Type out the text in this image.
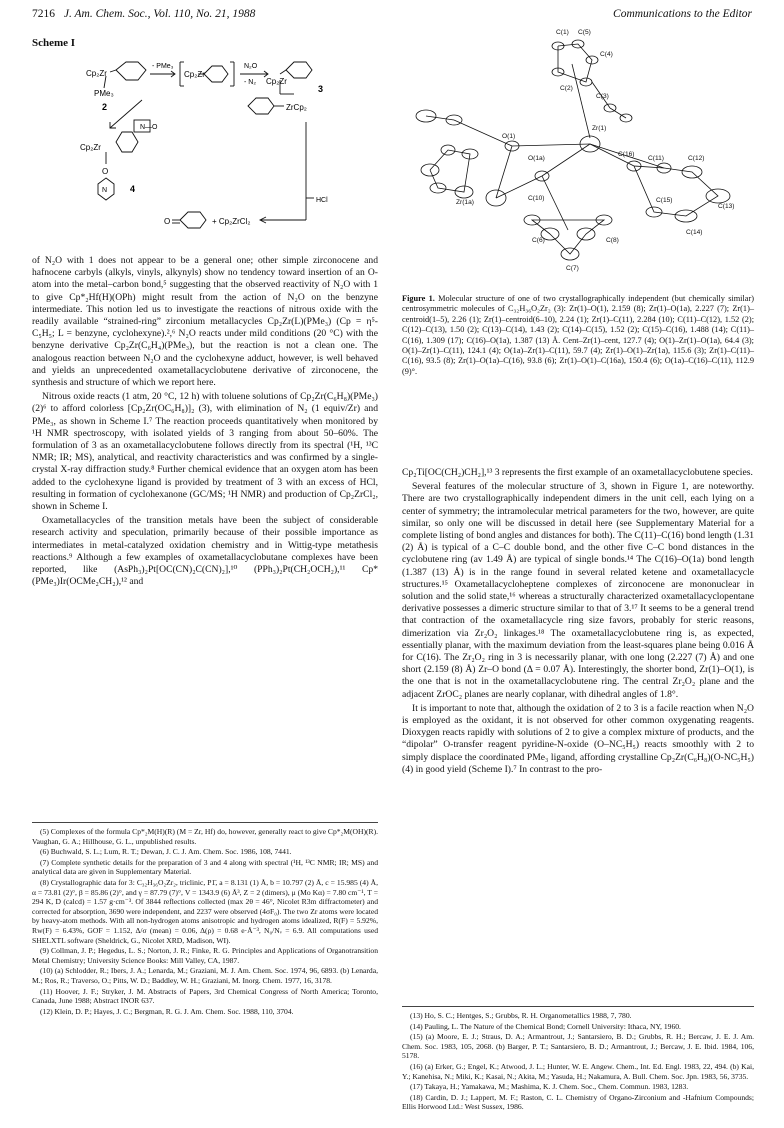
7216 J. Am. Chem. Soc., Vol. 110, No. 21, 1988	Communications to the Editor
Scheme I
Cp₂Zr
PMe₃
2
- PMe₃
Cp₂Zr
N₂O
- N₂ Cp₂Zr
ZrCp₂
3
N—O
Cp₂Zr
O
N	4
O	+ Cp₂ZrCl₂
HCl

of N₂O with 1 does not appear to be a general one; other simple zirconocene and hafnocene carbyls (alkyls, vinyls, alkynyls) show no tendency toward insertion of an O-atom into the metal–carbon bond,⁵ suggesting that the observed reactivity of N₂O with 1 to give Cp*₂Hf(H)(OPh) might result from the action of N₂O on the benzyne intermediate. This notion led us to investigate the reactions of nitrous oxide with the readily available “strained-ring” zirconium metallacycles Cp₂Zr(L)(PMe₃) (Cp = η⁵-C₅H₅; L = benzyne, cyclohexyne).²,⁶ N₂O reacts under mild conditions (20 °C) with the benzyne derivative Cp₂Zr(C₆H₄)(PMe₃), but the reaction is not a clean one. The analogous reaction between N₂O and the cyclohexyne adduct, however, is well behaved and yields an unprecedented oxametallacyclobutene derivative of zirconocene, the synthesis and structure of which we report here.

Nitrous oxide reacts (1 atm, 20 °C, 12 h) with toluene solutions of Cp₂Zr(C₆H₈)(PMe₃) (2)⁶ to afford colorless [Cp₂Zr(OC₆H₈)]₂ (3), with elimination of N₂ (1 equiv/Zr) and PMe₃, as shown in Scheme I.⁷ The reaction proceeds quantitatively when monitored by ¹H NMR spectroscopy, with isolated yields of 3 ranging from about 50–60%. The formulation of 3 as an oxametallacyclobutene follows directly from its spectral (¹H, ¹³C NMR; IR; MS), analytical, and reactivity characteristics and was confirmed by a single-crystal X-ray diffraction study.⁸ Further chemical evidence that an oxygen atom has been added to the cyclohexyne ligand is provided by treatment of 3 with an excess of HCl, resulting in formation of cyclohexanone (GC/MS; ¹H NMR) and production of Cp₂ZrCl₂, shown in Scheme I.

Oxametallacycles of the transition metals have been the subject of considerable research activity and speculation, primarily because of their possible importance as intermediates in metal-catalyzed oxidation chemistry and in Wittig-type metathesis reactions.⁹ Although a few examples of oxametallacyclobutane complexes have been reported, like (AsPh₃)₂Pt[OC(CN)₂C(CN)₂],¹⁰ (PPh₃)₂Pt(CH₂OCH₂),¹¹ Cp*(PMe₃)Ir(OCMe₂CH₂),¹² and

(5) Complexes of the formula Cp*₂M(H)(R) (M = Zr, Hf) do, however, generally react to give Cp*₂M(OH)(R). Vaughan, G. A.; Hillhouse, G. L., unpublished results.

(6) Buchwald, S. L.; Lum, R. T.; Dewan, J. C. J. Am. Chem. Soc. 1986, 108, 7441.

(7) Complete synthetic details for the preparation of 3 and 4 along with spectral (¹H, ¹³C NMR; IR; MS) and analytical data are given in Supplementary Material.

(8) Crystallographic data for 3: C₃₂H₃₆O₂Zr₂, triclinic, P1̄, a = 8.131 (1) Å, b = 10.797 (2) Å, c = 15.985 (4) Å, α = 73.81 (2)°, β = 85.86 (2)°, and γ = 87.79 (7)°, V = 1343.9 (6) Å³, Z = 2 (dimers), μ (Mo Kα) = 7.80 cm⁻¹, T = 294 K, D (calcd) = 1.57 g·cm⁻³. Of 3844 reflections collected (max 2θ = 46°, Nicolet R3m diffractometer) and corrected for absorption, 3690 were independent, and 2237 were observed (4σF₀). The two Zr atoms were located by heavy-atom methods. With all non-hydrogen atoms anisotropic and hydrogen atoms idealized, R(F) = 5.92%, Rw(F) = 6.43%, GOF = 1.152, Δ/σ (mean) = 0.06, Δ(ρ) = 0.68 e·Å⁻³, N₀/Nᵥ = 6.9. All computations used SHELXTL software (Sheldrick, G., Nicolet XRD, Madison, WI).

(9) Collman, J. P.; Hegedus, L. S.; Norton, J. R.; Finke, R. G. Principles and Applications of Organotransition Metal Chemistry; University Science Books: Mill Valley, CA, 1987.

(10) (a) Schlodder, R.; Ibers, J. A.; Lenarda, M.; Graziani, M. J. Am. Chem. Soc. 1974, 96, 6893. (b) Lenarda, M.; Ros, R.; Traverso, O.; Pitts, W. D.; Baddley, W. H.; Graziani, M. Inorg. Chem. 1977, 16, 3178.

(11) Hoover, J. F.; Stryker, J. M. Abstracts of Papers, 3rd Chemical Congress of North America; Toronto, Canada, June 1988; Abstract INOR 637.

(12) Klein, D. P.; Hayes, J. C.; Bergman, R. G. J. Am. Chem. Soc. 1988, 110, 3704.

C(1) C(5)
C(4)
C(2)
C(3)
Zr(1)
O(1)
O(1a)
C(16)
C(11)	C(12)
Zr(1a)
C(10)	C(15)
C(13)
C(6)	C(8)
C(14)
C(7)
Figure 1. Molecular structure of one of two crystallographically independent (but chemically similar) centrosymmetric molecules of C₃₂H₃₆O₂Zr₂ (3): Zr(1)–O(1), 2.159 (8); Zr(1)–O(1a), 2.227 (7); Zr(1)–centroid(1–5), 2.26 (1); Zr(1)–centroid(6–10), 2.24 (1); Zr(1)–C(11), 2.284 (10); C(11)–C(12), 1.52 (2); C(12)–C(13), 1.50 (2); C(13)–C(14), 1.43 (2); C(14)–C(15), 1.52 (2); C(15)–C(16), 1.488 (14); C(11)–C(16), 1.309 (17); C(16)–O(1a), 1.387 (13) Å. Cent–Zr(1)–cent, 127.7 (4); O(1)–Zr(1)–O(1a), 64.4 (3); O(1)–Zr(1)–C(11), 124.1 (4); O(1a)–Zr(1)–C(11), 59.7 (4); Zr(1)–O(1)–Zr(1a), 115.6 (3); Zr(1)–C(11)–C(16), 93.5 (8); Zr(1)–O(1a)–C(16), 93.8 (6); Zr(1)–O(1)–C(16a), 150.4 (6); O(1a)–C(16)–C(11), 112.9 (9)°.

Cp₂Ti[OC(CH₂)CH₂],¹³ 3 represents the first example of an oxametallacyclobutene species.

Several features of the molecular structure of 3, shown in Figure 1, are noteworthy. There are two crystallographically independent dimers in the unit cell, each lying on a center of symmetry; the intramolecular metrical parameters for the two, however, are quite similar, so only one will be discussed in detail here (see Supplementary Material for a complete listing of bond angles and distances for both). The C(11)–C(16) bond length (1.31 (2) Å) is typical of a C–C double bond, and the other five C–C bond distances in the cyclobutene ring (av 1.49 Å) are typical of single bonds.¹⁴ The C(16)–O(1a) bond length (1.387 (13) Å) is in the range found in several related ketene and oxametallacycle structures.¹⁵ Oxametallacycloheptene complexes of zirconocene are mononuclear in solution and the solid state,¹⁶ whereas a structurally characterized oxametallacyclopentane derivative possesses a dimeric structure similar to that of 3.¹⁷ It seems to be a general trend that contraction of the oxametallacycle ring size favors, probably for steric reasons, dimerization via Zr₂O₂ linkages.¹⁸ The oxametallacyclobutene ring is, as expected, essentially planar, with the maximum deviation from the least-squares plane being 0.016 Å for C(16). The Zr₂O₂ ring in 3 is necessarily planar, with one long (2.227 (7) Å) and one short (2.159 (8) Å) Zr–O bond (Δ = 0.07 Å). Interestingly, the shorter bond, Zr(1)–O(1), is the one that is not in the oxametallacyclobutene ring. The central Zr₂O₂ plane and the adjacent ZrOC₂ planes are nearly coplanar, with dihedral angles of 1.8°.

It is important to note that, although the oxidation of 2 to 3 is a facile reaction when N₂O is employed as the oxidant, it is not observed for other common oxygenating reagents. Dioxygen reacts rapidly with solutions of 2 to give a complex mixture of products, and the “dipolar” O-transfer reagent pyridine-N-oxide (O–NC₅H₅) reacts smoothly with 2 to simply displace the coordinated PMe₃ ligand, affording crystalline Cp₂Zr(C₆H₈)(O-NC₅H₅) (4) in good yield (Scheme I).⁷ In contrast to the pro-

(13) Ho, S. C.; Hentges, S.; Grubbs, R. H. Organometallics 1988, 7, 780.

(14) Pauling, L. The Nature of the Chemical Bond; Cornell University: Ithaca, NY, 1960.

(15) (a) Moore, E. J.; Straus, D. A.; Armantrout, J.; Santarsiero, B. D.; Grubbs, R. H.; Bercaw, J. E. J. Am. Chem. Soc. 1983, 105, 2068. (b) Barger, P. T.; Santarsiero, B. D.; Armantrout, J.; Bercaw, J. E. Ibid. 1984, 106, 5178.

(16) (a) Erker, G.; Engel, K.; Atwood, J. L.; Hunter, W. E. Angew. Chem., Int. Ed. Engl. 1983, 22, 494. (b) Kai, Y.; Kanehisa, N.; Miki, K.; Kasai, N.; Akita, M.; Yasuda, H.; Nakamura, A. Bull. Chem. Soc. Jpn. 1983, 56, 3735.

(17) Takaya, H.; Yamakawa, M.; Mashima, K. J. Chem. Soc., Chem. Commun. 1983, 1283.

(18) Cardin, D. J.; Lappert, M. F.; Raston, C. L. Chemistry of Organo-Zirconium and -Hafnium Compounds; Ellis Horwood Ltd.: West Sussex, 1986.
